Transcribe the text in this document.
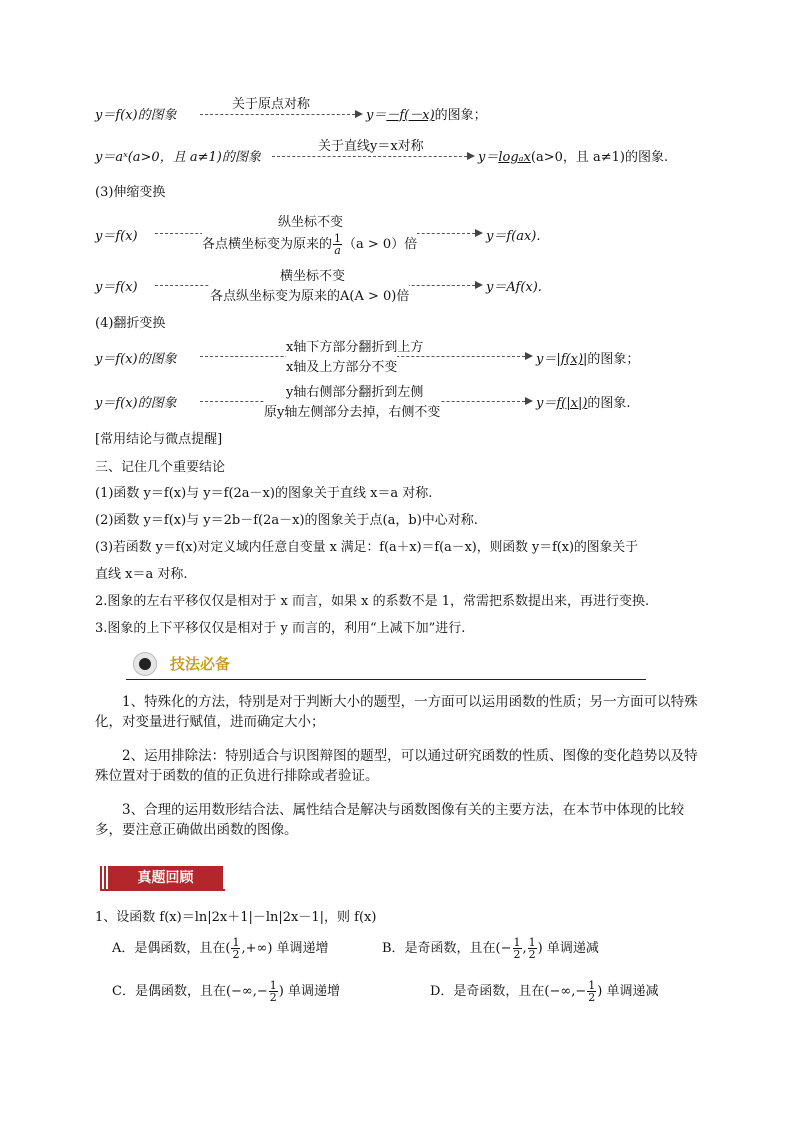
y＝f(x)的图象
关于原点对称
y＝－f(－x)的图象；
y＝aˣ(a>0，且 a≠1)的图象
关于直线y＝x对称
y＝logₐx(a>0，且 a≠1)的图象.
(3)伸缩变换
y＝f(x)
纵坐标不变
各点横坐标变为原来的 $\frac{1}{a} (a > 0)$倍
y＝f(ax).
y＝f(x)
横坐标不变
各点纵坐标变为原来的A(A > 0)倍
y＝Af(x).
(4)翻折变换
y＝f(x)的图象
x轴下方部分翻折到上方
x轴及上方部分不变
y＝|f(x)|的图象；
y＝f(x)的图象
y轴右侧部分翻折到左侧
原y轴左侧部分去掉，右侧不变
y＝f(|x|)的图象.
[常用结论与微点提醒]
三、记住几个重要结论
(1)函数 y＝f(x)与 y＝f(2a－x)的图象关于直线 x＝a 对称.
(2)函数 y＝f(x)与 y＝2b－f(2a－x)的图象关于点(a，b)中心对称.
(3)若函数 y＝f(x)对定义域内任意自变量 x 满足：f(a＋x)＝f(a－x)，则函数 y＝f(x)的图象关于
直线 x＝a 对称.
2.图象的左右平移仅仅是相对于 x 而言，如果 x 的系数不是 1，常需把系数提出来，再进行变换.
3.图象的上下平移仅仅是相对于 y 而言的，利用“上减下加”进行.
技法必备
1、特殊化的方法，特别是对于判断大小的题型，一方面可以运用函数的性质；另一方面可以特殊化，对变量进行赋值，进而确定大小；
2、运用排除法：特别适合与识图辩图的题型，可以通过研究函数的性质、图像的变化趋势以及特殊位置对于函数的值的正负进行排除或者验证。
3、合理的运用数形结合法、属性结合是解决与函数图像有关的主要方法，在本节中体现的比较多，要注意正确做出函数的图像。
真题回顾
1、设函数 f(x)＝ln|2x＋1|－ln|2x－1|，则 f(x)
A．是偶函数，且在( $\frac{1}{2}$ ,+∞) 单调递增	B．是奇函数，且在(− $\frac{1}{2}$ , $\frac{1}{2}$ ) 单调递减
C．是偶函数，且在(−∞,− $\frac{1}{2}$ ) 单调递增	D．是奇函数，且在(−∞,− $\frac{1}{2}$ ) 单调递减
